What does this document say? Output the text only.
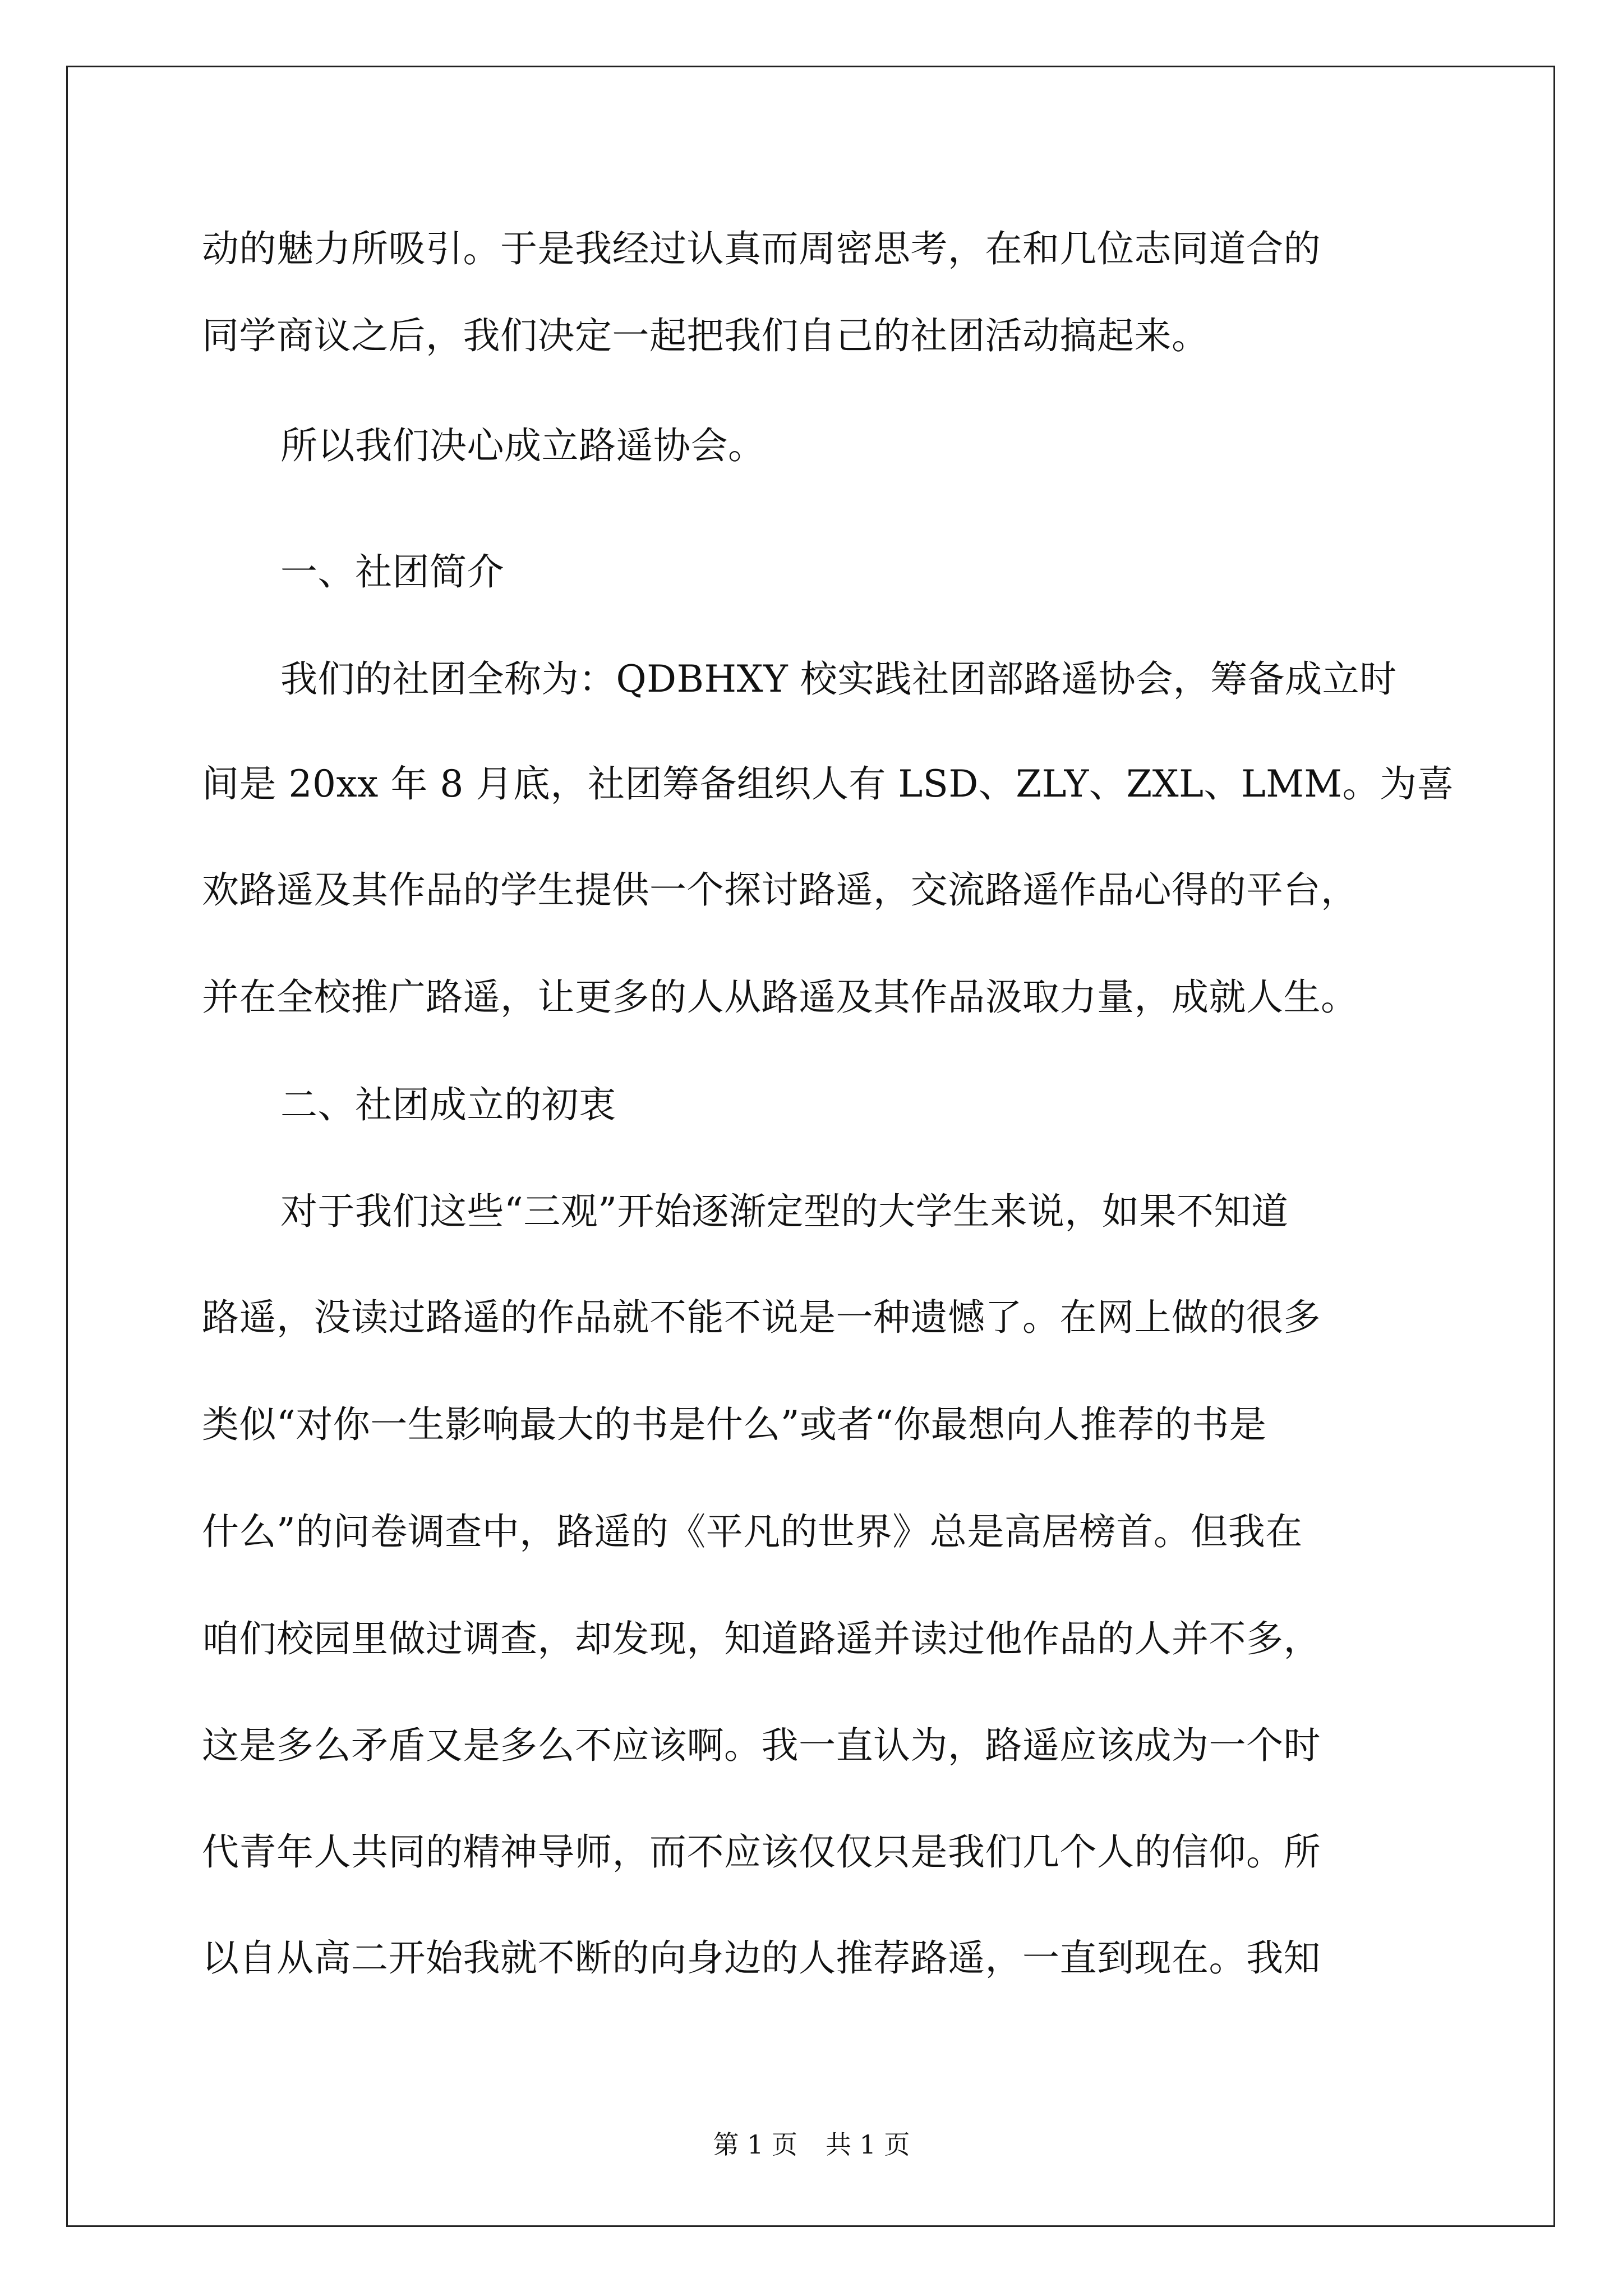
动的魅力所吸引。于是我经过认真而周密思考，在和几位志同道合的
同学商议之后，我们决定一起把我们自己的社团活动搞起来。
所以我们决心成立路遥协会。
一、社团简介
我们的社团全称为：QDBHXY 校实践社团部路遥协会，筹备成立时
间是 20xx 年 8 月底，社团筹备组织人有 LSD、ZLY、ZXL、LMM。为喜
欢路遥及其作品的学生提供一个探讨路遥，交流路遥作品心得的平台，
并在全校推广路遥，让更多的人从路遥及其作品汲取力量，成就人生。
二、社团成立的初衷
对于我们这些“三观”开始逐渐定型的大学生来说，如果不知道
路遥，没读过路遥的作品就不能不说是一种遗憾了。在网上做的很多
类似“对你一生影响最大的书是什么”或者“你最想向人推荐的书是
什么”的问卷调查中，路遥的《平凡的世界》总是高居榜首。但我在
咱们校园里做过调查，却发现，知道路遥并读过他作品的人并不多，
这是多么矛盾又是多么不应该啊。我一直认为，路遥应该成为一个时
代青年人共同的精神导师，而不应该仅仅只是我们几个人的信仰。所
以自从高二开始我就不断的向身边的人推荐路遥，一直到现在。我知
第 1 页 共 1 页
